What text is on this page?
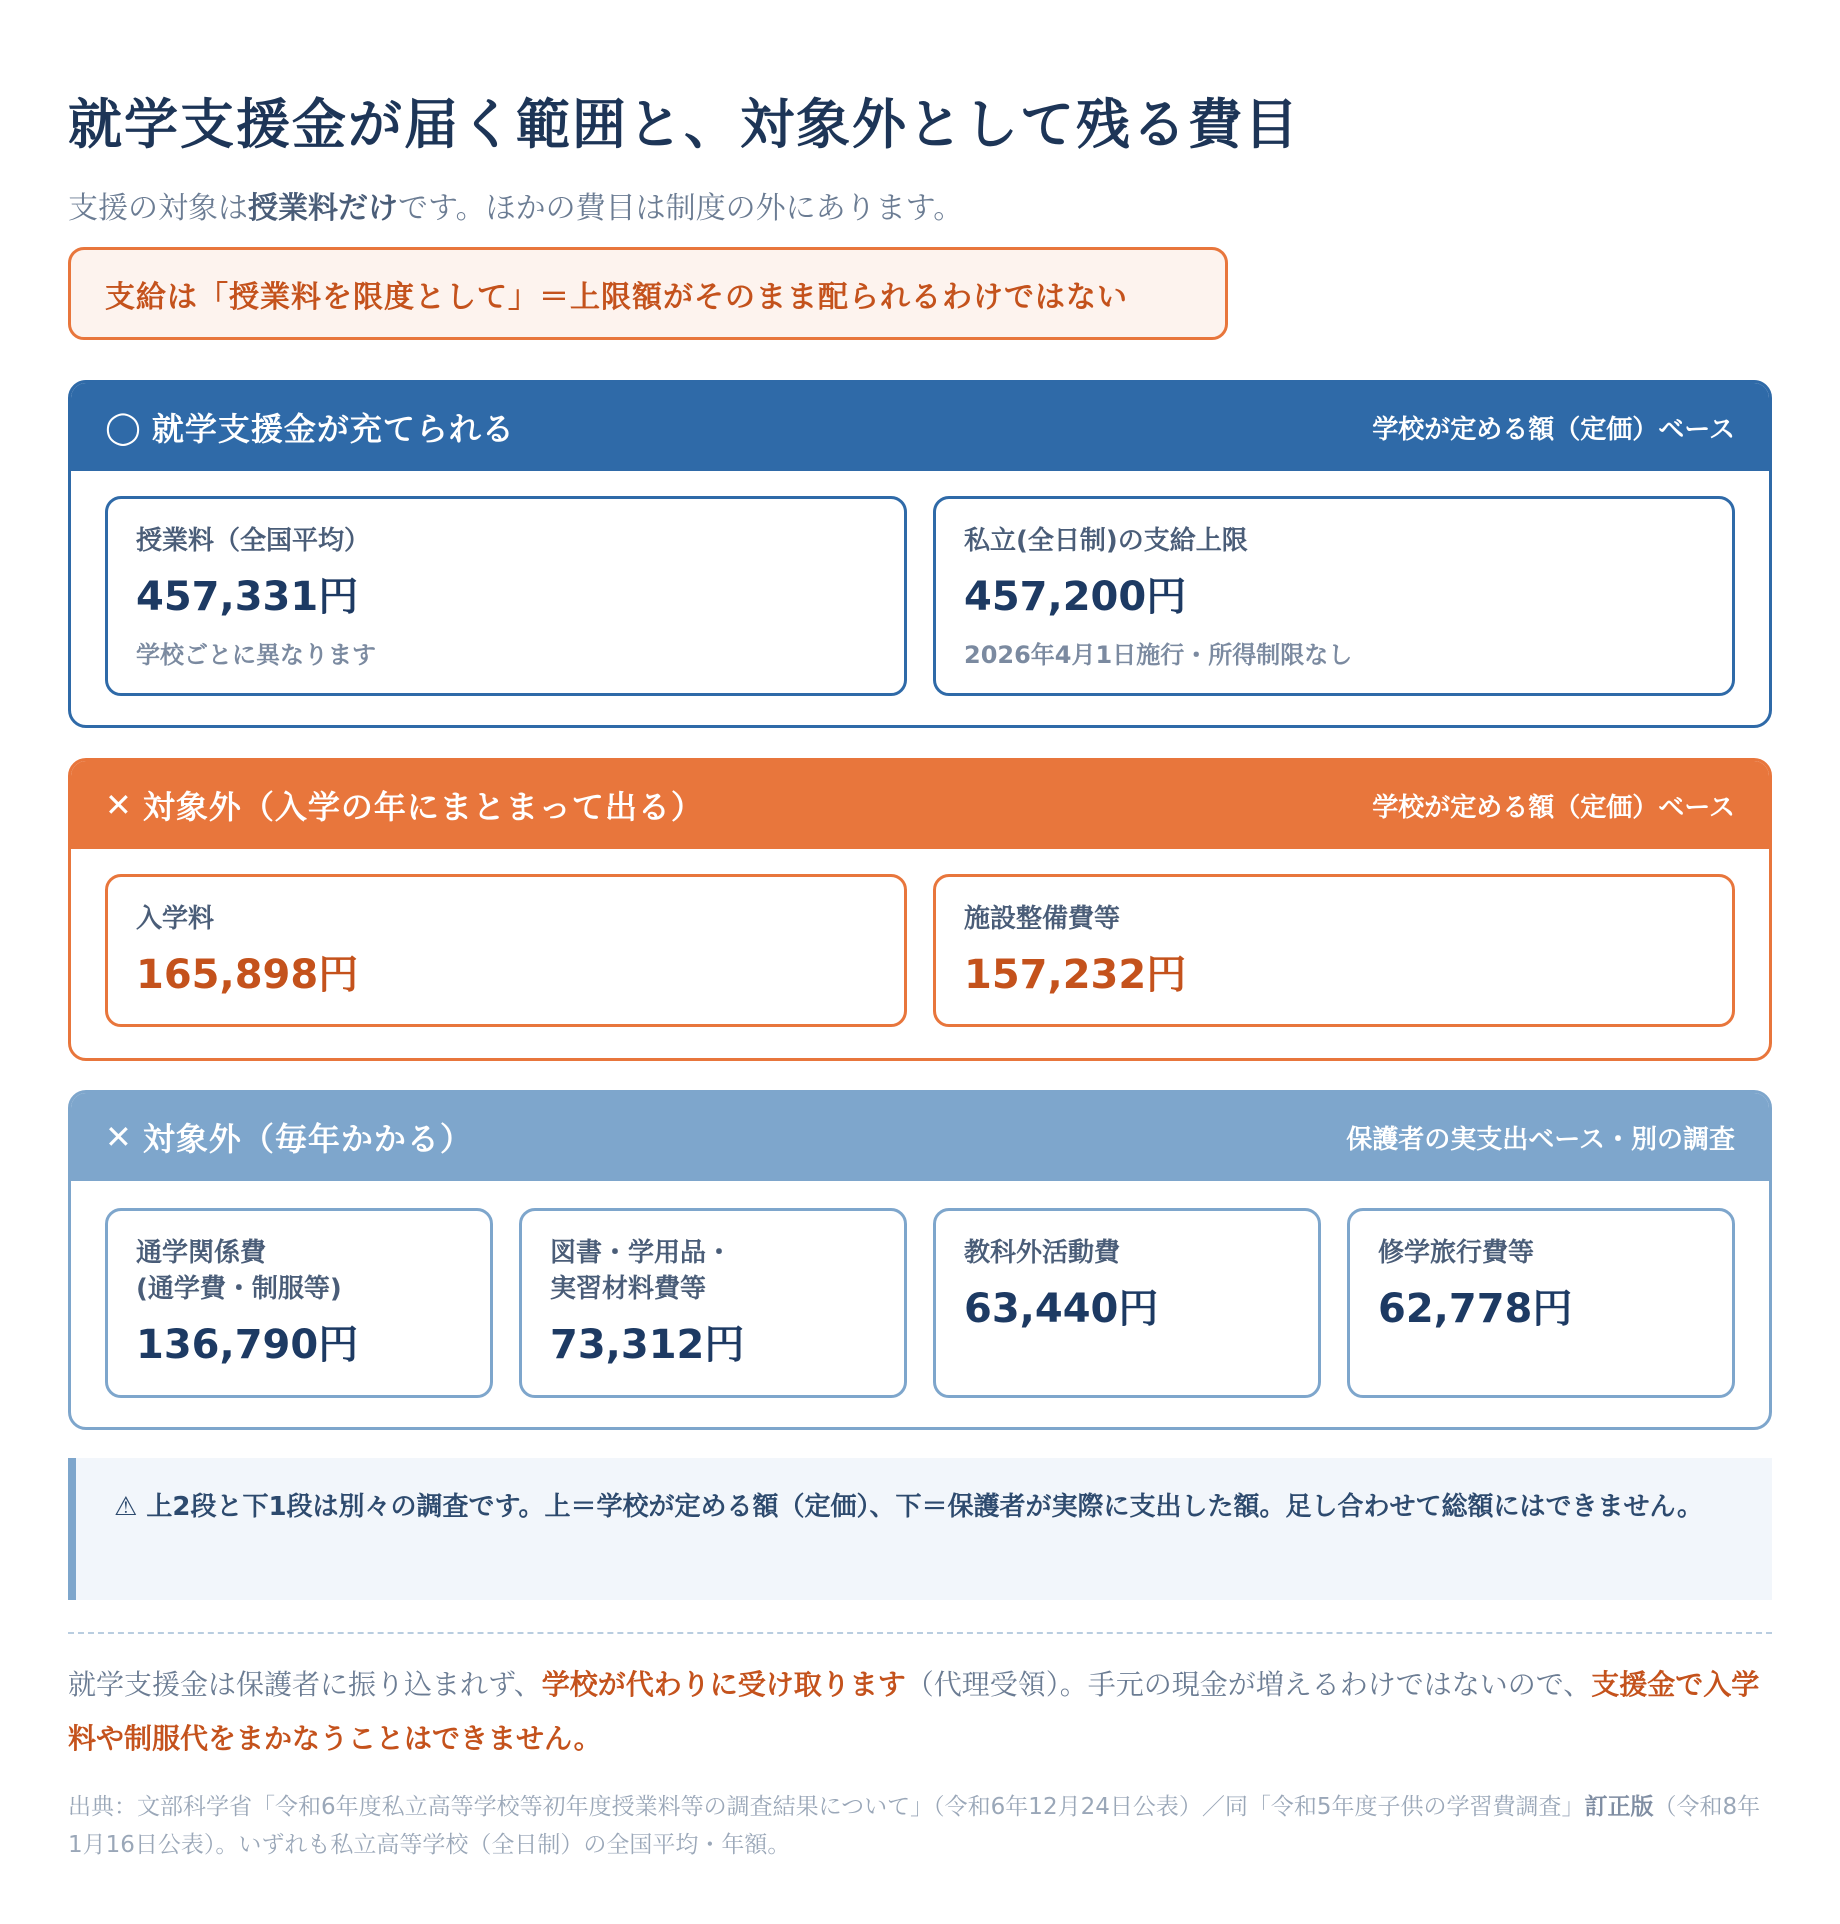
就学支援金が届く範囲と、対象外として残る費目

支援の対象は授業料だけです。ほかの費目は制度の外にあります。

支給は「授業料を限度として」＝上限額がそのまま配られるわけではない
◯ 就学支援金が充てられる	学校が定める額（定価）ベース
授業料（全国平均）
457,331円
学校ごとに異なります
私立(全日制)の支給上限
457,200円
2026年4月1日施行・所得制限なし
✕ 対象外（入学の年にまとまって出る）	学校が定める額（定価）ベース
入学料
165,898円
施設整備費等
157,232円
✕ 対象外（毎年かかる）	保護者の実支出ベース・別の調査
通学関係費
(通学費・制服等)
136,790円
図書・学用品・
実習材料費等
73,312円
教科外活動費
63,440円
修学旅行費等
62,778円

⚠ 上2段と下1段は別々の調査です。上＝学校が定める額（定価）、下＝保護者が実際に支出した額。足し合わせて総額にはできません。

就学支援金は保護者に振り込まれず、学校が代わりに受け取ります（代理受領）。手元の現金が増えるわけではないので、支援金で入学料や制服代をまかなうことはできません。

出典：文部科学省「令和6年度私立高等学校等初年度授業料等の調査結果について」（令和6年12月24日公表）／同「令和5年度子供の学習費調査」訂正版（令和8年1月16日公表）。いずれも私立高等学校（全日制）の全国平均・年額。
